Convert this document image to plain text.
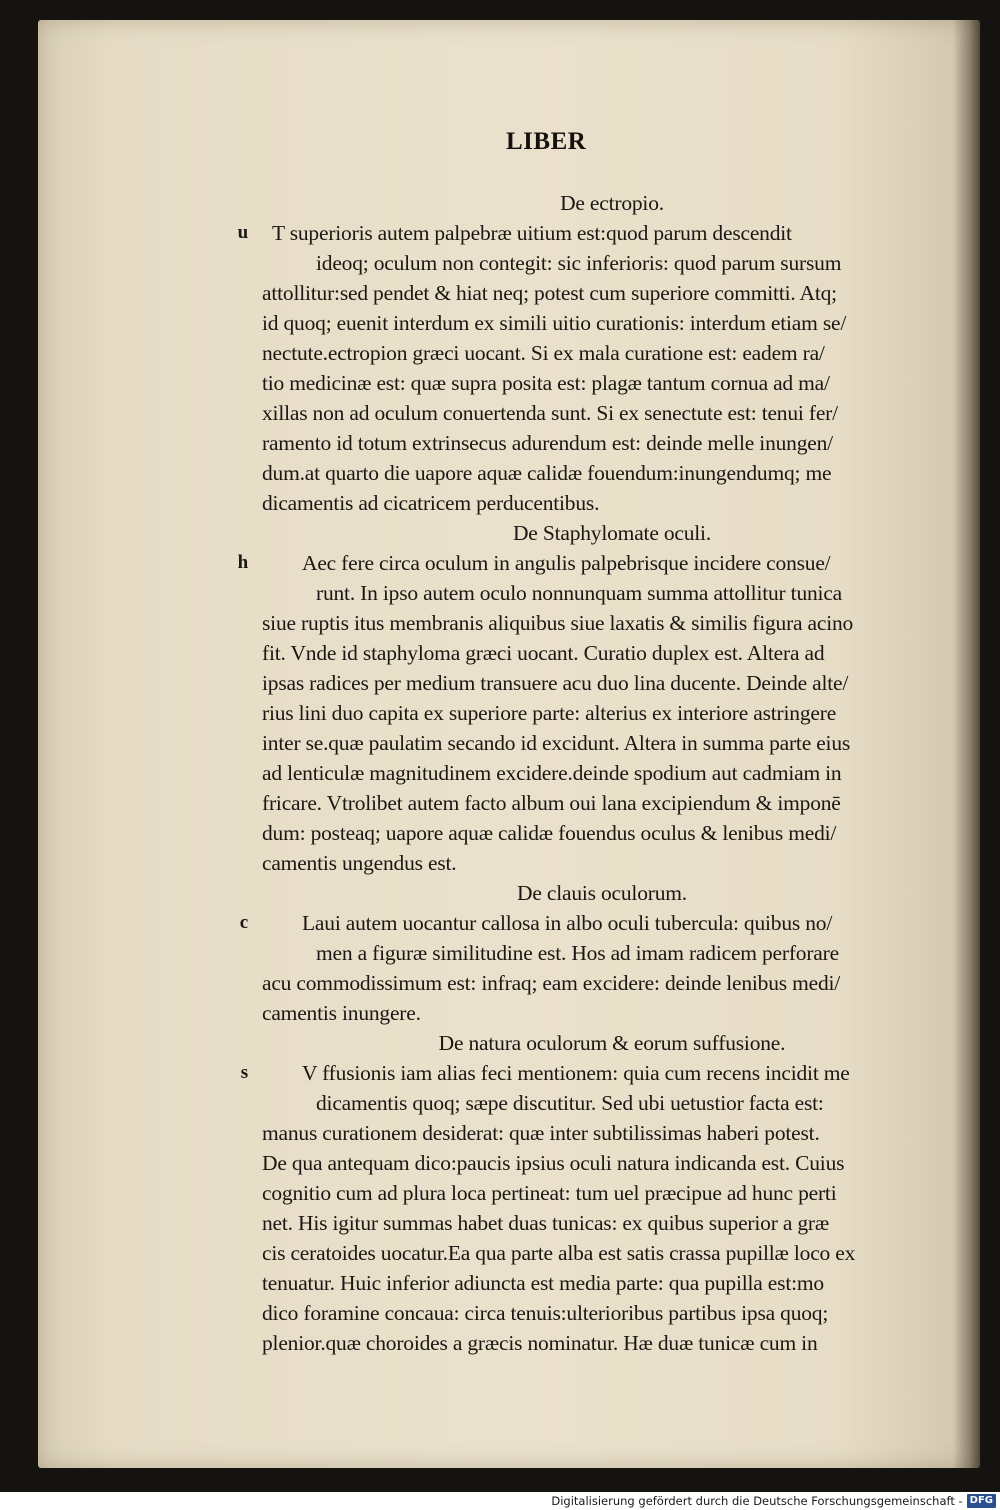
LIBER
De ectropio.
u	T superioris autem palpebræ uitium est:quod parum descendit
ideoq; oculum non contegit: sic inferioris: quod parum sursum
attollitur:sed pendet & hiat neq; potest cum superiore committi. Atq;
id quoq; euenit interdum ex simili uitio curationis: interdum etiam se/
nectute.ectropion græci uocant. Si ex mala curatione est: eadem ra/
tio medicinæ est: quæ supra posita est: plagæ tantum cornua ad ma/
xillas non ad oculum conuertenda sunt. Si ex senectute est: tenui fer/
ramento id totum extrinsecus adurendum est: deinde melle inungen/
dum.at quarto die uapore aquæ calidæ fouendum:inungendumq; me
dicamentis ad cicatricem perducentibus.
De Staphylomate oculi.
h	Aec fere circa oculum in angulis palpebrisque incidere consue/
runt. In ipso autem oculo nonnunquam summa attollitur tunica
siue ruptis itus membranis aliquibus siue laxatis & similis figura acino
fit. Vnde id staphyloma græci uocant. Curatio duplex est. Altera ad
ipsas radices per medium transuere acu duo lina ducente. Deinde alte/
rius lini duo capita ex superiore parte: alterius ex interiore astringere
inter se.quæ paulatim secando id excidunt. Altera in summa parte eius
ad lenticulæ magnitudinem excidere.deinde spodium aut cadmiam in
fricare. Vtrolibet autem facto album oui lana excipiendum & imponē
dum: posteaq; uapore aquæ calidæ fouendus oculus & lenibus medi/
camentis ungendus est.
De clauis oculorum.
c	Laui autem uocantur callosa in albo oculi tubercula: quibus no/
men a figuræ similitudine est. Hos ad imam radicem perforare
acu commodissimum est: infraq; eam excidere: deinde lenibus medi/
camentis inungere.
De natura oculorum & eorum suffusione.
s	V ffusionis iam alias feci mentionem: quia cum recens incidit me
dicamentis quoq; sæpe discutitur. Sed ubi uetustior facta est:
manus curationem desiderat: quæ inter subtilissimas haberi potest.
De qua antequam dico:paucis ipsius oculi natura indicanda est. Cuius
cognitio cum ad plura loca pertineat: tum uel præcipue ad hunc perti
net. His igitur summas habet duas tunicas: ex quibus superior a græ
cis ceratoides uocatur.Ea qua parte alba est satis crassa pupillæ loco ex
tenuatur. Huic inferior adiuncta est media parte: qua pupilla est:mo
dico foramine concaua: circa tenuis:ulterioribus partibus ipsa quoq;
plenior.quæ choroides a græcis nominatur. Hæ duæ tunicæ cum in
Digitalisierung gefördert durch die Deutsche Forschungsgemeinschaft - DFG
